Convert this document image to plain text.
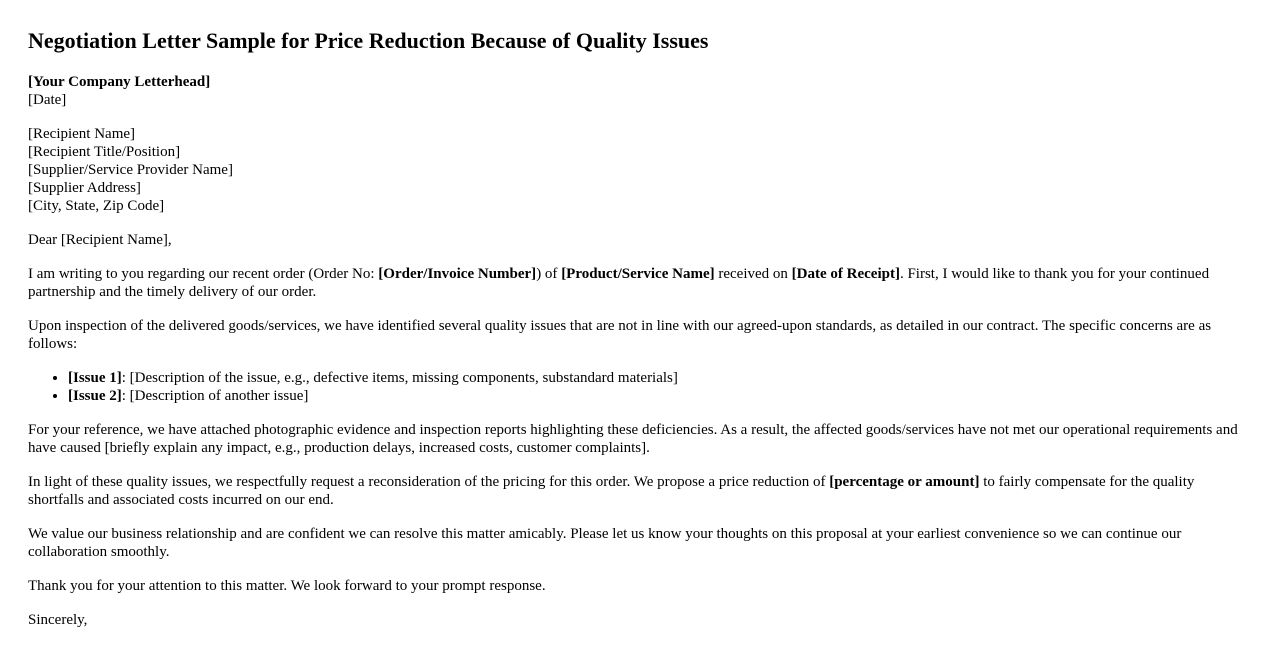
Negotiation Letter Sample for Price Reduction Because of Quality Issues
[Your Company Letterhead]
[Date]
[Recipient Name]
[Recipient Title/Position]
[Supplier/Service Provider Name]
[Supplier Address]
[City, State, Zip Code]

Dear [Recipient Name],

I am writing to you regarding our recent order (Order No: [Order/Invoice Number]) of [Product/Service Name] received on [Date of Receipt]. First, I would like to thank you for your continued partnership and the timely delivery of our order.

Upon inspection of the delivered goods/services, we have identified several quality issues that are not in line with our agreed-upon standards, as detailed in our contract. The specific concerns are as follows:

• [Issue 1]: [Description of the issue, e.g., defective items, missing components, substandard materials]
• [Issue 2]: [Description of another issue]

For your reference, we have attached photographic evidence and inspection reports highlighting these deficiencies. As a result, the affected goods/services have not met our operational requirements and have caused [briefly explain any impact, e.g., production delays, increased costs, customer complaints].

In light of these quality issues, we respectfully request a reconsideration of the pricing for this order. We propose a price reduction of [percentage or amount] to fairly compensate for the quality shortfalls and associated costs incurred on our end.

We value our business relationship and are confident we can resolve this matter amicably. Please let us know your thoughts on this proposal at your earliest convenience so we can continue our collaboration smoothly.

Thank you for your attention to this matter. We look forward to your prompt response.

Sincerely,
